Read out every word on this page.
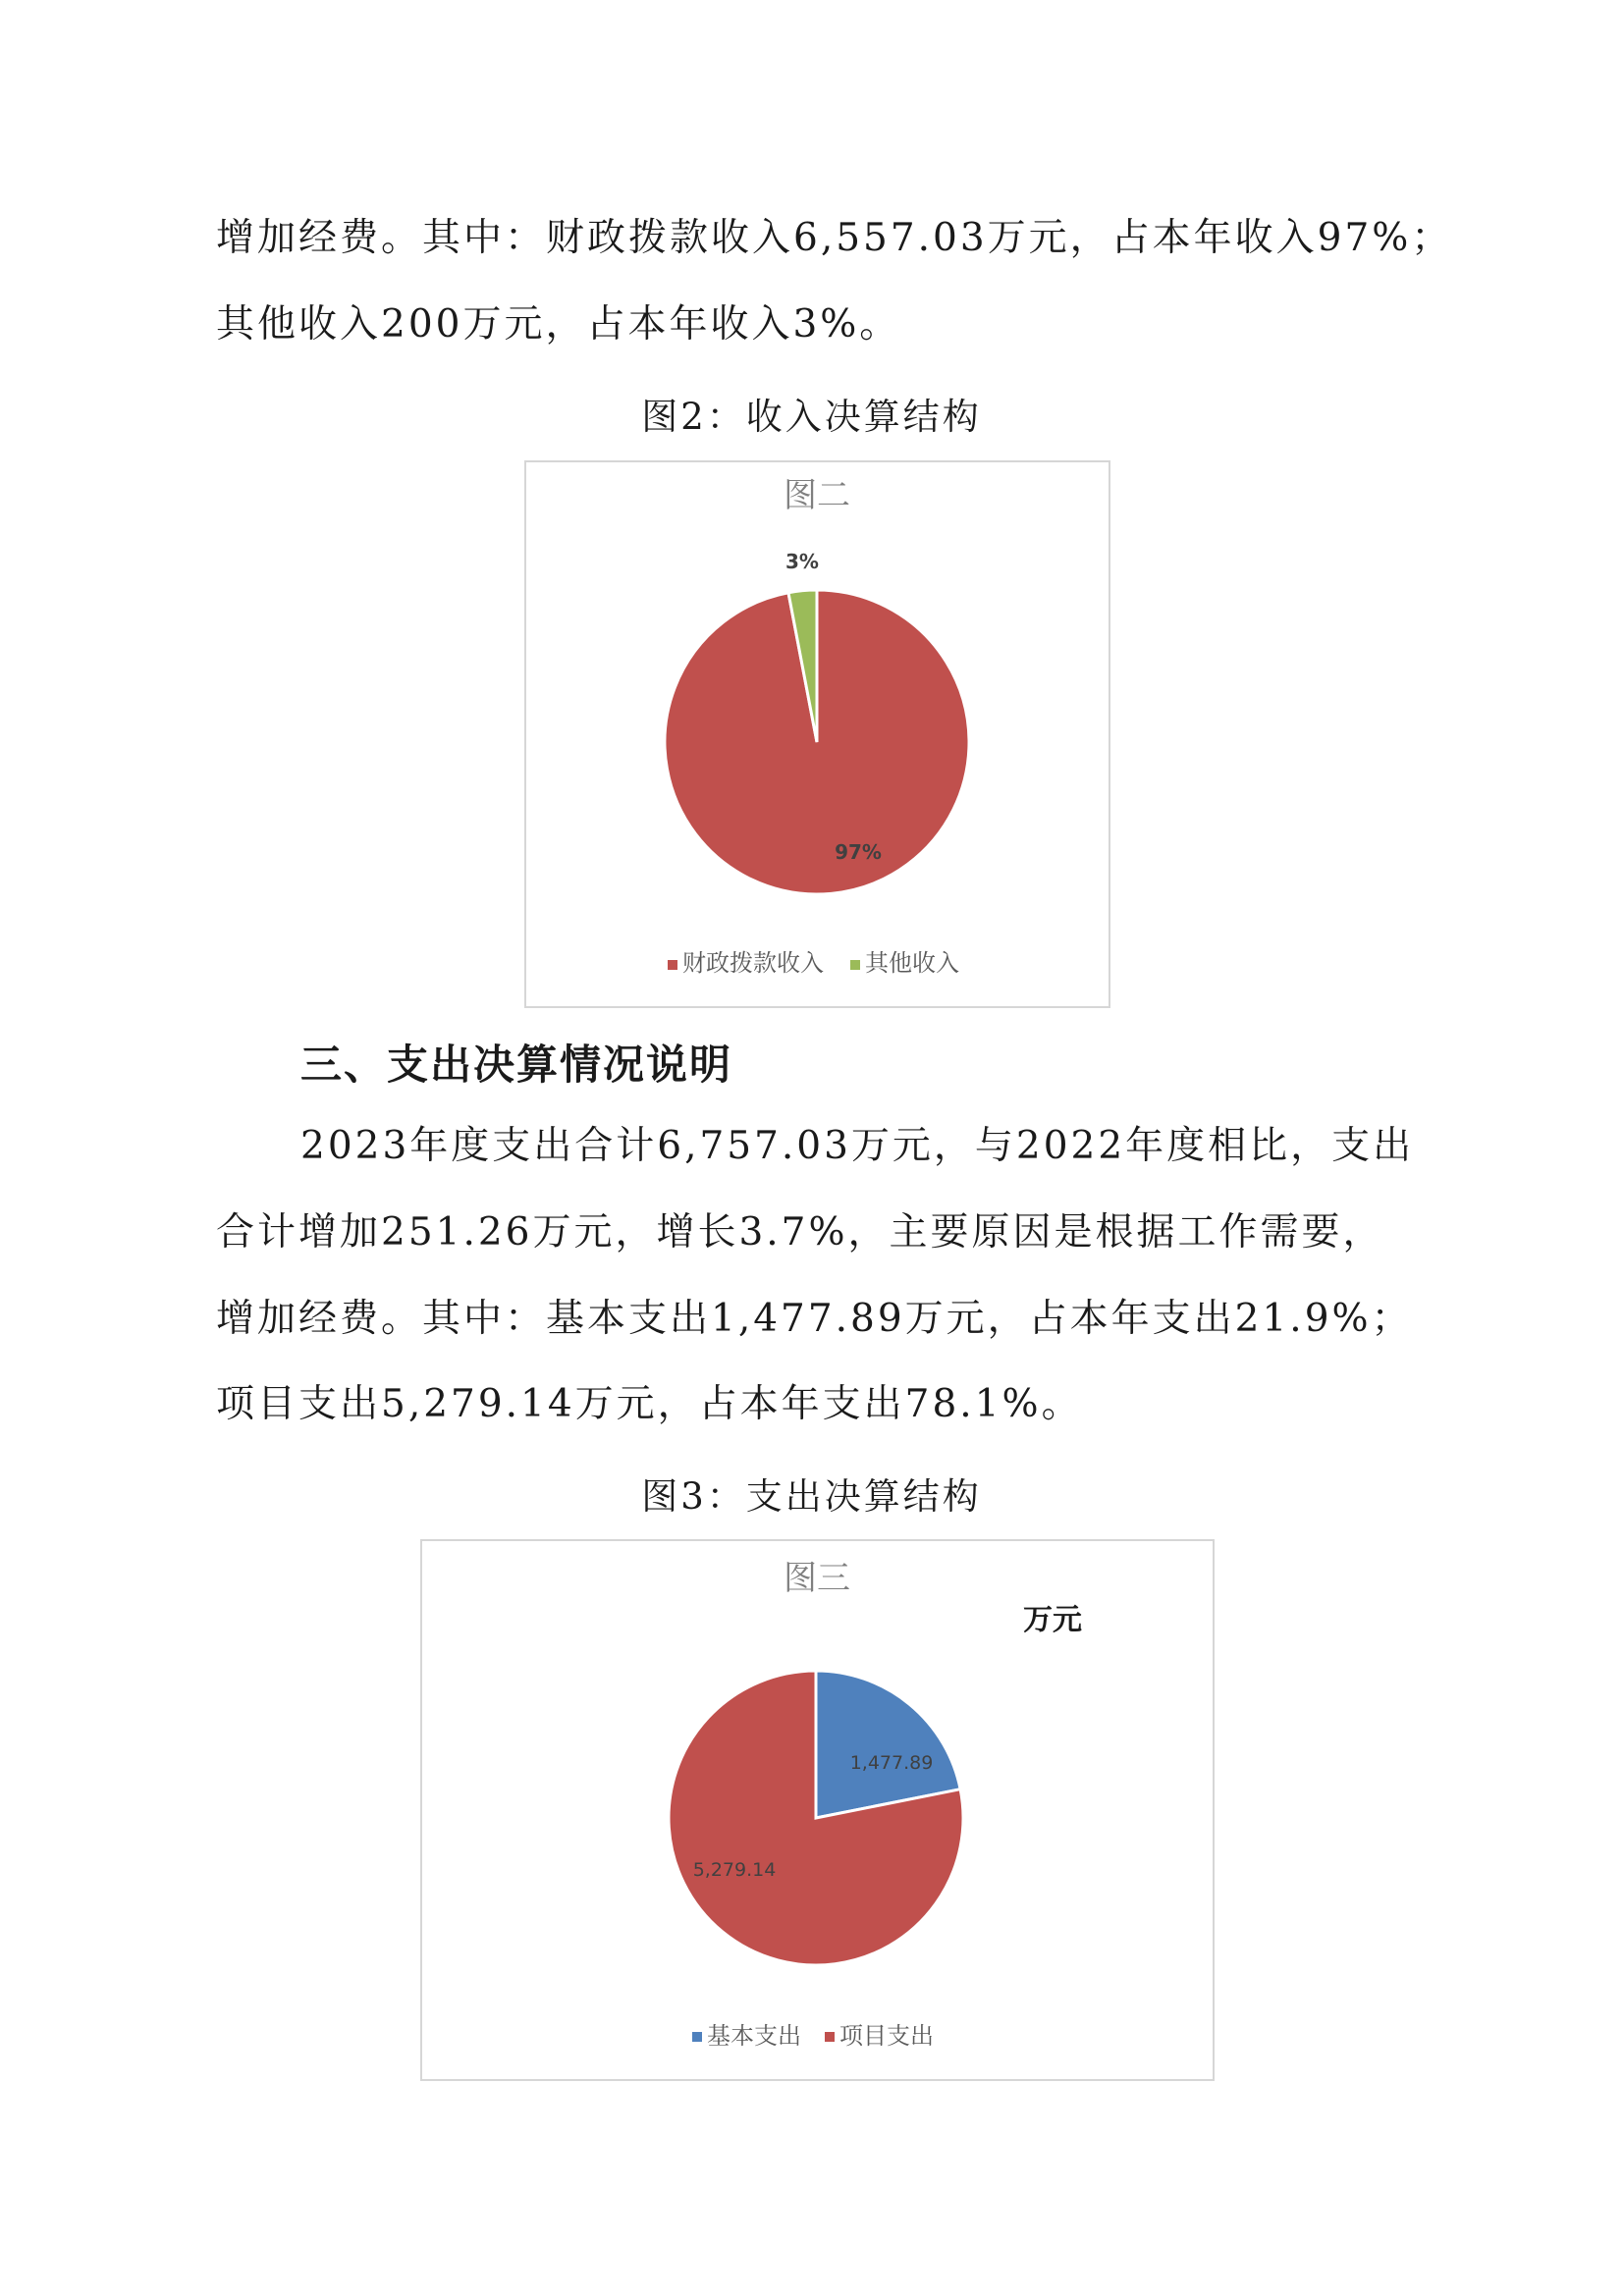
增加经费。其中：财政拨款收入6,557.03万元，占本年收入97%；
其他收入200万元，占本年收入3%。
图2：收入决算结构
图二
97%
3%
财政拨款收入 其他收入
三、支出决算情况说明
2023年度支出合计6,757.03万元，与2022年度相比，支出
合计增加251.26万元，增长3.7%，主要原因是根据工作需要，
增加经费。其中：基本支出1,477.89万元，占本年支出21.9%；
项目支出5,279.14万元，占本年支出78.1%。
图3：支出决算结构
图三
万元
1,477.89
5,279.14
基本支出 项目支出
